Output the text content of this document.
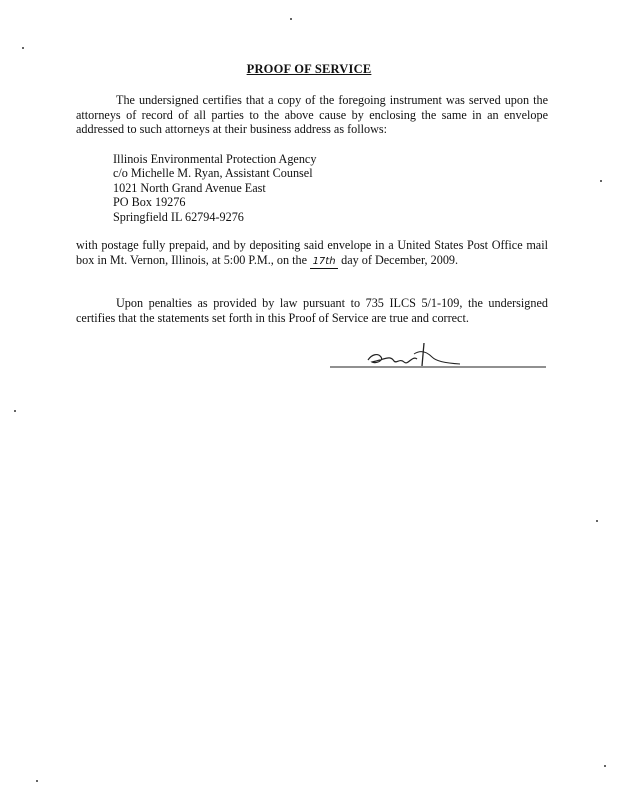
PROOF OF SERVICE
The undersigned certifies that a copy of the foregoing instrument was served upon the attorneys of record of all parties to the above cause by enclosing the same in an envelope addressed to such attorneys at their business address as follows:
Illinois Environmental Protection Agency
c/o Michelle M. Ryan, Assistant Counsel
1021 North Grand Avenue East
PO Box 19276
Springfield IL 62794-9276
with postage fully prepaid, and by depositing said envelope in a United States Post Office mail box in Mt. Vernon, Illinois, at 5:00 P.M., on the 17th day of December, 2009.
Upon penalties as provided by law pursuant to 735 ILCS 5/1-109, the undersigned certifies that the statements set forth in this Proof of Service are true and correct.
